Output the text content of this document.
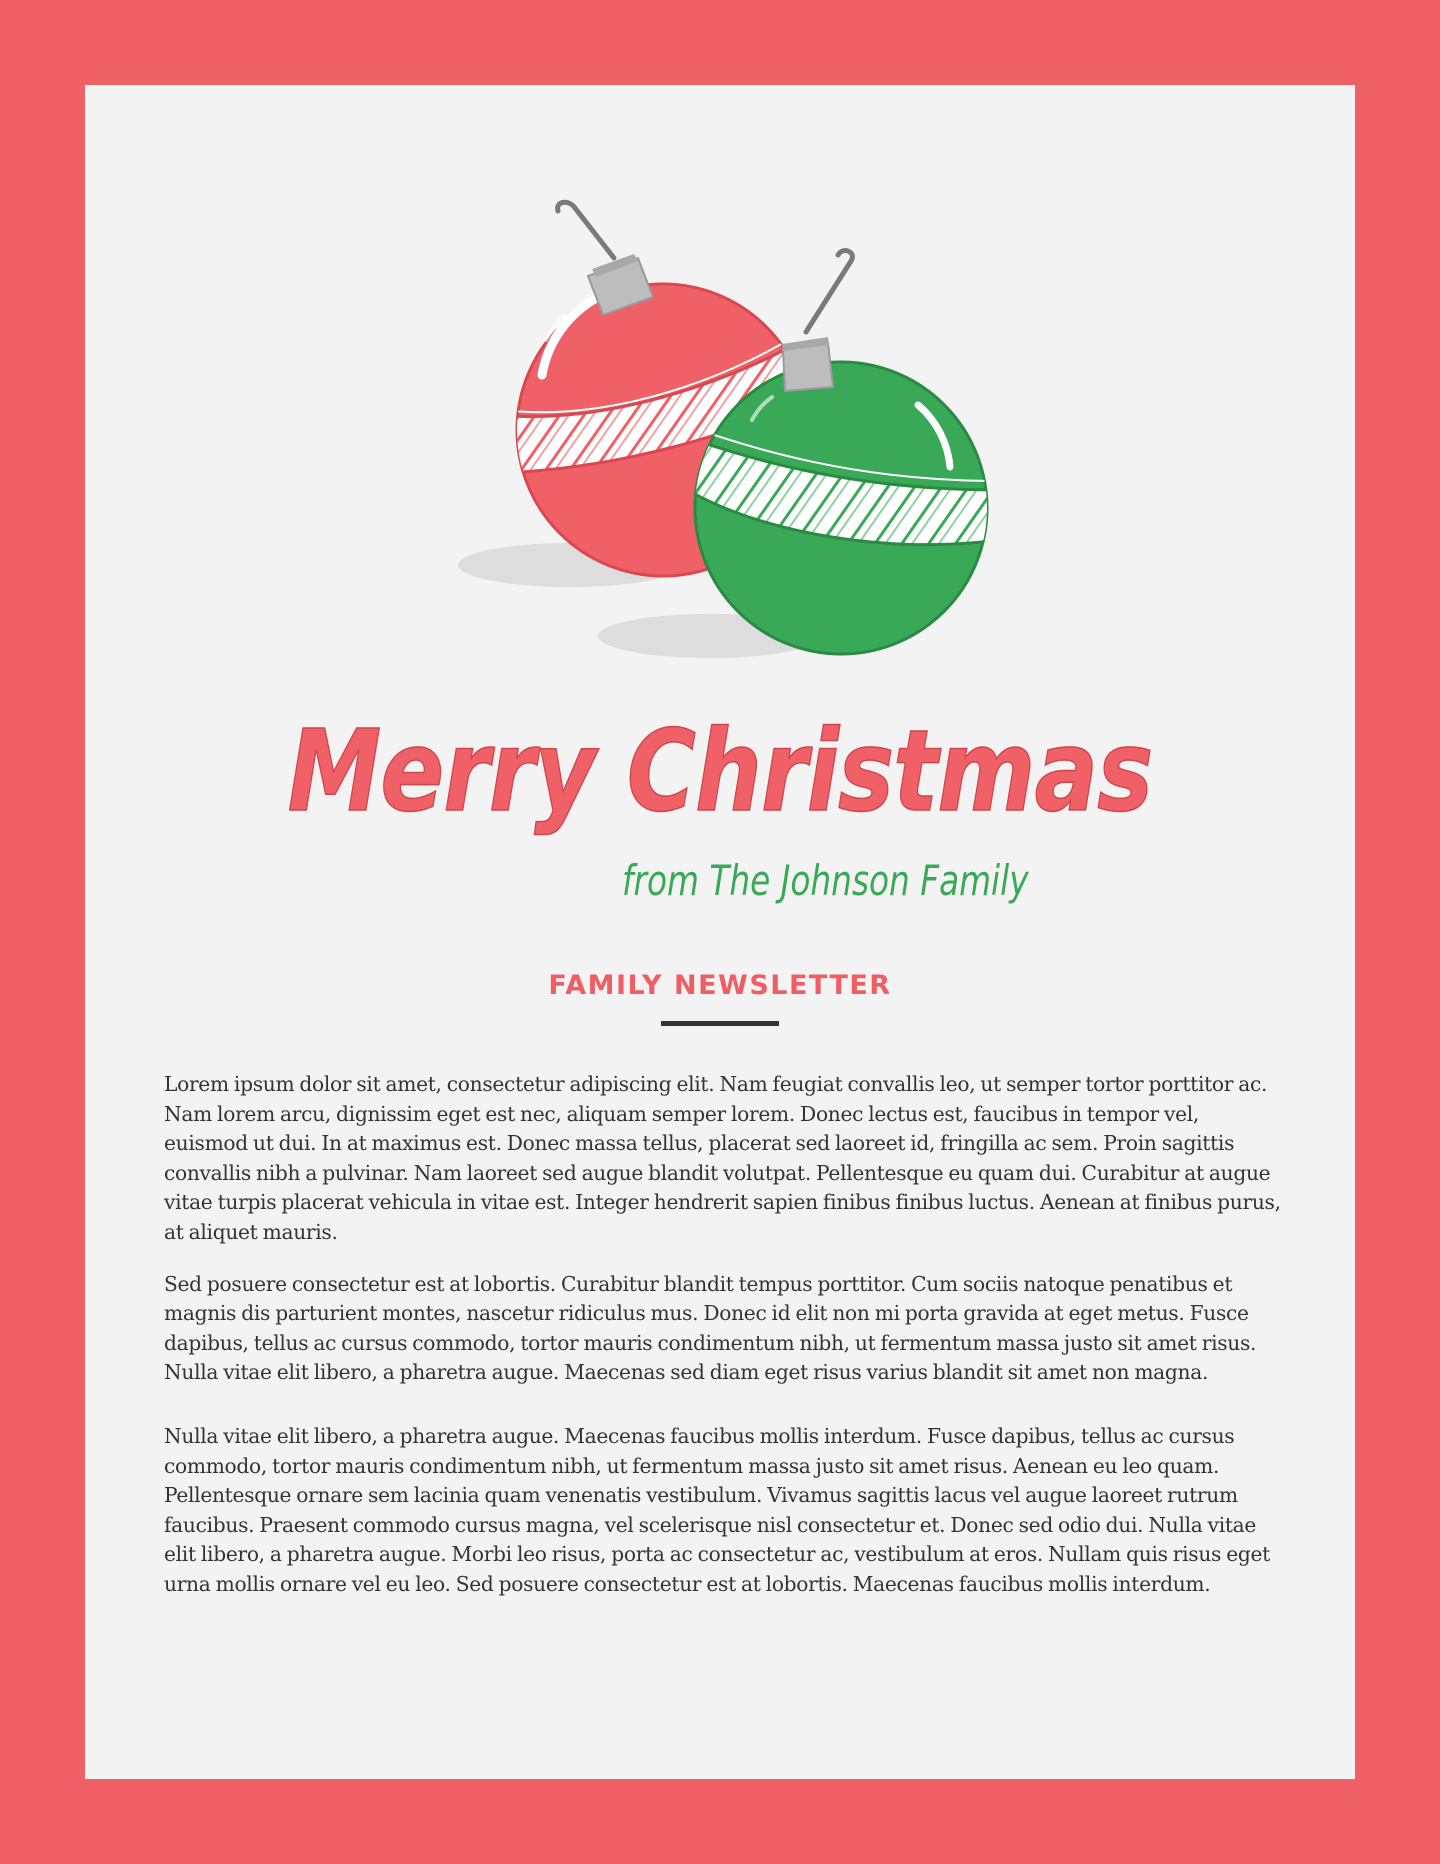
Merry Christmas

from The Johnson Family

FAMILY NEWSLETTER

Lorem ipsum dolor sit amet, consectetur adipiscing elit. Nam feugiat convallis leo, ut semper tortor porttitor ac. Nam lorem arcu, dignissim eget est nec, aliquam semper lorem. Donec lectus est, faucibus in tempor vel, euismod ut dui. In at maximus est. Donec massa tellus, placerat sed laoreet id, fringilla ac sem. Proin sagittis convallis nibh a pulvinar. Nam laoreet sed augue blandit volutpat. Pellentesque eu quam dui. Curabitur at augue vitae turpis placerat vehicula in vitae est. Integer hendrerit sapien finibus finibus luctus. Aenean at finibus purus, at aliquet mauris.

Sed posuere consectetur est at lobortis. Curabitur blandit tempus porttitor. Cum sociis natoque penatibus et magnis dis parturient montes, nascetur ridiculus mus. Donec id elit non mi porta gravida at eget metus. Fusce dapibus, tellus ac cursus commodo, tortor mauris condimentum nibh, ut fermentum massa justo sit amet risus. Nulla vitae elit libero, a pharetra augue. Maecenas sed diam eget risus varius blandit sit amet non magna.

Nulla vitae elit libero, a pharetra augue. Maecenas faucibus mollis interdum. Fusce dapibus, tellus ac cursus commodo, tortor mauris condimentum nibh, ut fermentum massa justo sit amet risus. Aenean eu leo quam. Pellentesque ornare sem lacinia quam venenatis vestibulum. Vivamus sagittis lacus vel augue laoreet rutrum faucibus. Praesent commodo cursus magna, vel scelerisque nisl consectetur et. Donec sed odio dui. Nulla vitae elit libero, a pharetra augue. Morbi leo risus, porta ac consectetur ac, vestibulum at eros. Nullam quis risus eget urna mollis ornare vel eu leo. Sed posuere consectetur est at lobortis. Maecenas faucibus mollis interdum.
